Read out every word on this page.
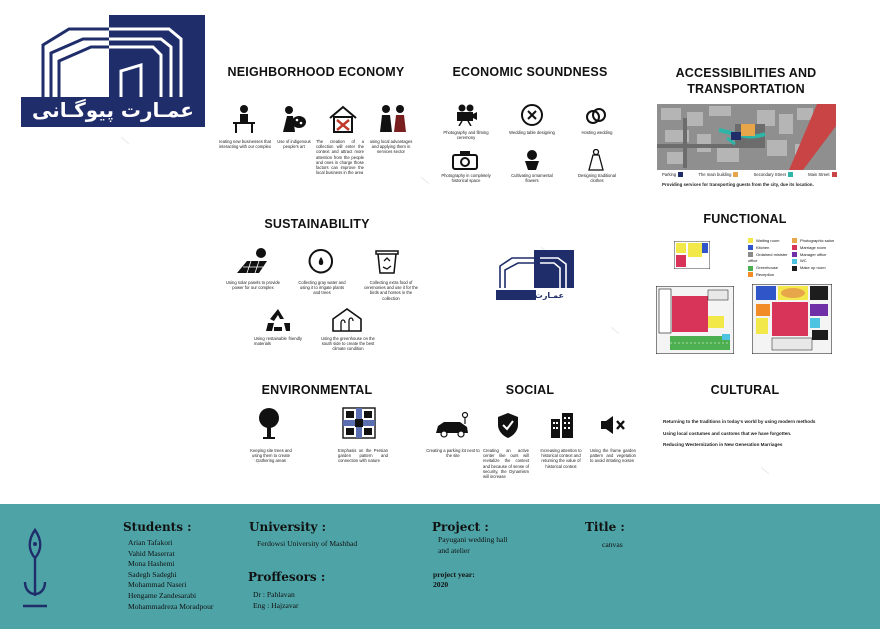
عمـارت پیوگـانی
NEIGHBORHOOD ECONOMY
reating new businesses that interacting with our complex
Use of indigenous people's art
The creation of a collection will enter the context and attract more attention from the people and ones in charge those factors can improve the local business in the area
using local advantages and applying them in services sector
ECONOMIC SOUNDNESS
Photography and filming ceremony
Wedding table designing	Hosting wedding
Photography in completely historical space
Cultivating ornamental flowers
Designing traditional clothes
ACCESSIBILITIES AND TRANSPORTATION
Parking	The main building	Secondary Street	Main Street
Providing services for transporting guests from the city, due its location.
SUSTAINABILITY
Using solar panels to provide power for our complex
Collecting gray water and using it to irrigate plants and trees
Collecting extra food of ceremonies and use it for the birds and horses in the collection
Using restainable friendly materials
Using the greenhouse on the south side to create the best climate condition
عمـارت پیوگـانی
FUNCTIONAL
Waiting room
Kitchen
Ordained minister office
Greenhouse
Reception
Photographic salon
Marriage room
Manager office
WC
Make up room
ENVIRONMENTAL
Keeping site trees and using them to create Gathering areas
Emphasis on the Persian garden pattern and connection with nature
SOCIAL
Creating a parking lot next to the site
Creating an active center like ours will revitalize the context and because of sense of security, the Dynamism will increase
Increasing attention to historical context and returning the value of historical context
Using the frame garden pattern and vegetation to avoid irritating noises
CULTURAL
Returning to the traditions in today's world by using modern methods
Using local costumes and customs that we have forgotten.
Reducing Westernization in New Generation Marriages
Students :
Arian Tafakori
Vahid Maserrat
Mona Hashemi
Sadegh Sadeghi
Mohammad Naseri
Hengame Zandesarabi
Mohammadreza Moradpour
University :
Ferdowsi University of Mashhad
Proffesors :
Dr : Pahlavan
Eng : Hajzavar
Project :
Payugani wedding hall
and atelier
project year:
2020
Title :
canvas
